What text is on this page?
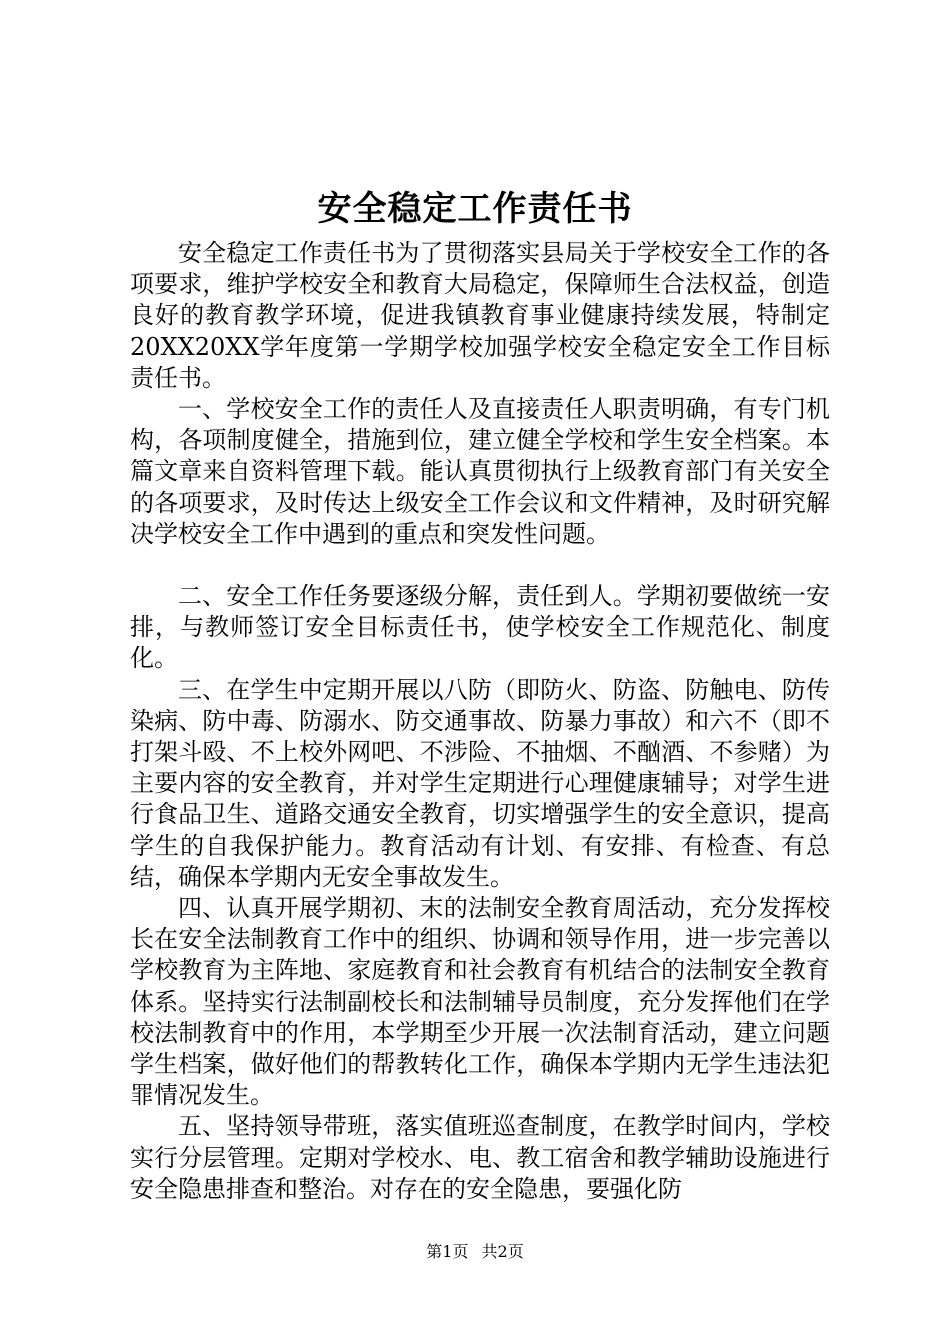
安全稳定工作责任书

安全稳定工作责任书为了贯彻落实县局关于学校安全工作的各项要求，维护学校安全和教育大局稳定，保障师生合法权益，创造良好的教育教学环境，促进我镇教育事业健康持续发展，特制定20XX20XX学年度第一学期学校加强学校安全稳定安全工作目标责任书。

一、学校安全工作的责任人及直接责任人职责明确，有专门机构，各项制度健全，措施到位，建立健全学校和学生安全档案。本篇文章来自资料管理下载。能认真贯彻执行上级教育部门有关安全的各项要求，及时传达上级安全工作会议和文件精神，及时研究解决学校安全工作中遇到的重点和突发性问题。

二、安全工作任务要逐级分解，责任到人。学期初要做统一安排，与教师签订安全目标责任书，使学校安全工作规范化、制度化。

三、在学生中定期开展以八防（即防火、防盗、防触电、防传染病、防中毒、防溺水、防交通事故、防暴力事故）和六不（即不打架斗殴、不上校外网吧、不涉险、不抽烟、不酗酒、不参赌）为主要内容的安全教育，并对学生定期进行心理健康辅导；对学生进行食品卫生、道路交通安全教育，切实增强学生的安全意识，提高学生的自我保护能力。教育活动有计划、有安排、有检查、有总结，确保本学期内无安全事故发生。

四、认真开展学期初、末的法制安全教育周活动，充分发挥校长在安全法制教育工作中的组织、协调和领导作用，进一步完善以学校教育为主阵地、家庭教育和社会教育有机结合的法制安全教育体系。坚持实行法制副校长和法制辅导员制度，充分发挥他们在学校法制教育中的作用，本学期至少开展一次法制育活动，建立问题学生档案，做好他们的帮教转化工作，确保本学期内无学生违法犯罪情况发生。

五、坚持领导带班，落实值班巡查制度，在教学时间内，学校实行分层管理。定期对学校水、电、教工宿舍和教学辅助设施进行安全隐患排查和整治。对存在的安全隐患，要强化防

第1页 共2页
